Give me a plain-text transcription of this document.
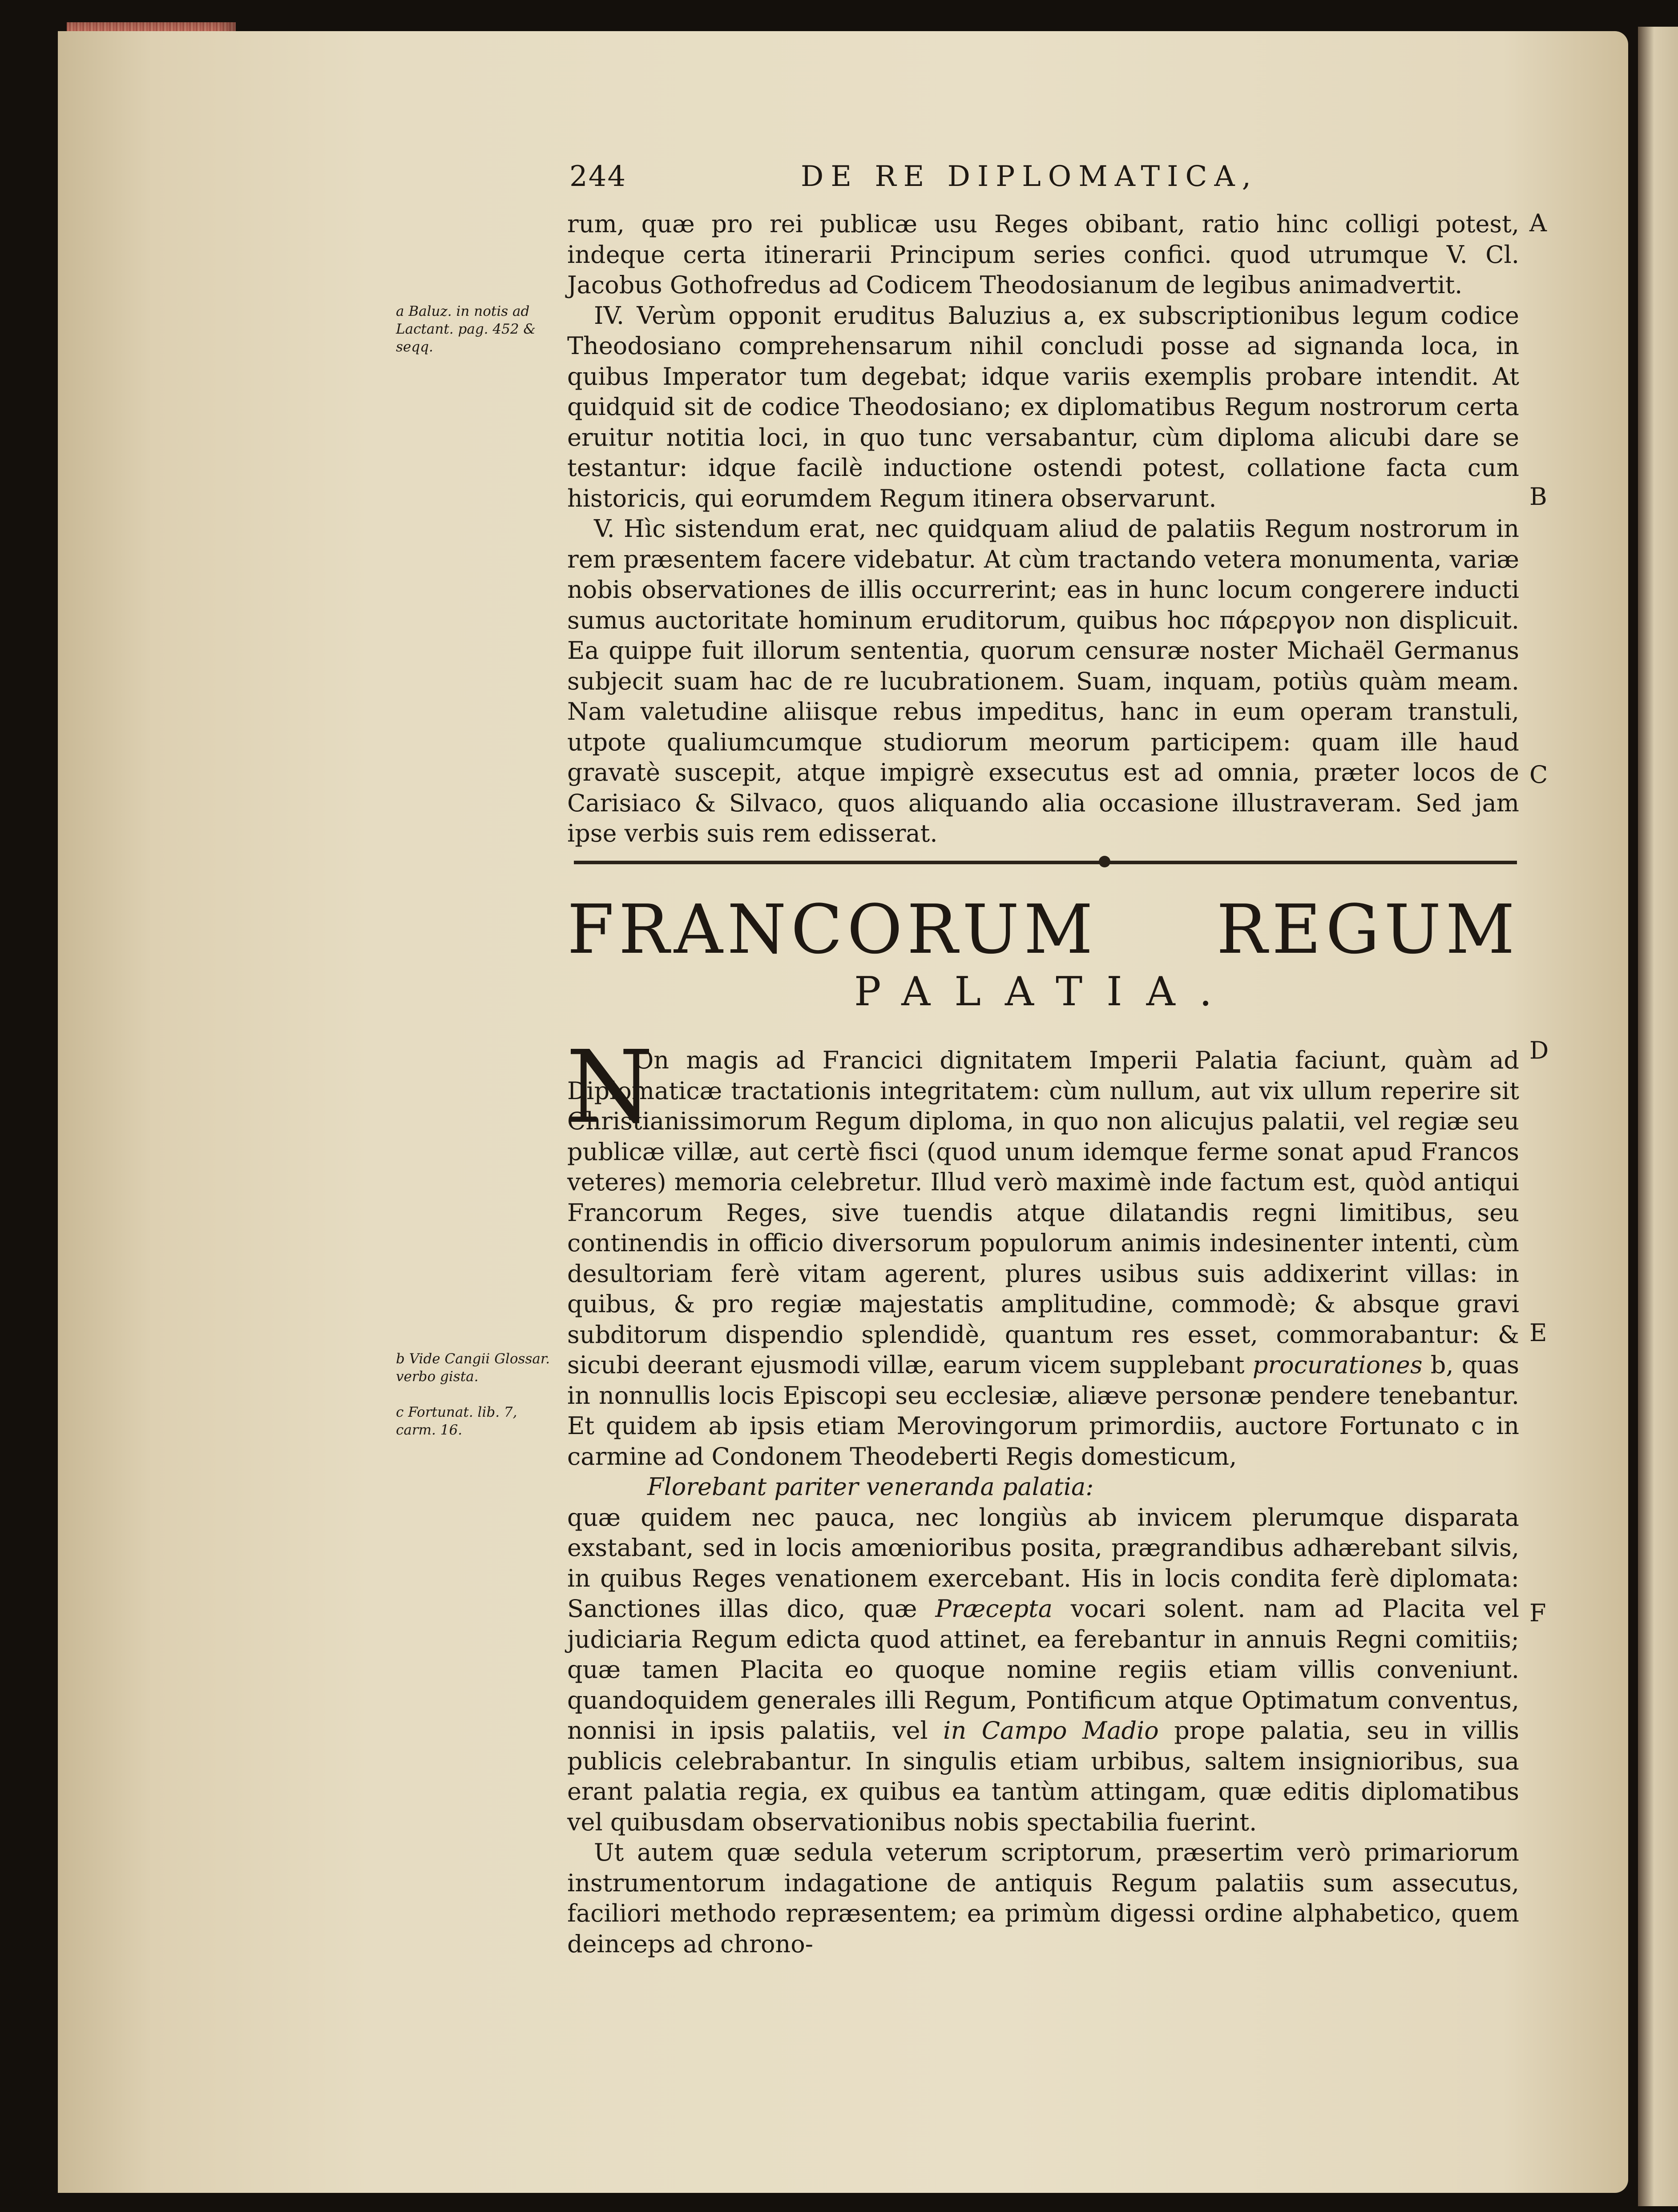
244	DE RE DIPLOMATICA,

rum, quæ pro rei publicæ usu Reges obibant, ratio hinc colligi potest, indeque certa itinerarii Principum series confici. quod utrumque V. Cl. Jacobus Gothofredus ad Codicem Theodosianum de legibus animadvertit.

IV. Verùm opponit eruditus Baluzius a, ex subscriptionibus legum codice Theodosiano comprehensarum nihil concludi posse ad signanda loca, in quibus Imperator tum degebat; idque variis exemplis probare intendit. At quidquid sit de codice Theodosiano; ex diplomatibus Regum nostrorum certa eruitur notitia loci, in quo tunc versabantur, cùm diploma alicubi dare se testantur: idque facilè inductione ostendi potest, collatione facta cum historicis, qui eorumdem Regum itinera observarunt.

V. Hìc sistendum erat, nec quidquam aliud de palatiis Regum nostrorum in rem præsentem facere videbatur. At cùm tractando vetera monumenta, variæ nobis observationes de illis occurrerint; eas in hunc locum congerere inducti sumus auctoritate hominum eruditorum, quibus hoc πάρεργον non displicuit. Ea quippe fuit illorum sententia, quorum censuræ noster Michaël Germanus subjecit suam hac de re lucubrationem. Suam, inquam, potiùs quàm meam. Nam valetudine aliisque rebus impeditus, hanc in eum operam transtuli, utpote qualiumcumque studiorum meorum participem: quam ille haud gravatè suscepit, atque impigrè exsecutus est ad omnia, præter locos de Carisiaco & Silvaco, quos aliquando alia occasione illustraveram. Sed jam ipse verbis suis rem edisserat.

a Baluz. in notis ad Lactant. pag. 452 & seqq.
b Vide Cangii Glossar. verbo gista.
c Fortunat. lib. 7, carm. 16.
A
B
C
D
E
F
FRANCORUM REGUM
PALATIA.
N

On magis ad Francici dignitatem Imperii Palatia faciunt, quàm ad Diplomaticæ tractationis integritatem: cùm nullum, aut vix ullum reperire sit Christianissimorum Regum diploma, in quo non alicujus palatii, vel regiæ seu publicæ villæ, aut certè fisci (quod unum idemque ferme sonat apud Francos veteres) memoria celebretur. Illud verò maximè inde factum est, quòd antiqui Francorum Reges, sive tuendis atque dilatandis regni limitibus, seu continendis in officio diversorum populorum animis indesinenter intenti, cùm desultoriam ferè vitam agerent, plures usibus suis addixerint villas: in quibus, & pro regiæ majestatis amplitudine, commodè; & absque gravi subditorum dispendio splendidè, quantum res esset, commorabantur: & sicubi deerant ejusmodi villæ, earum vicem supplebant procurationes b, quas in nonnullis locis Episcopi seu ecclesiæ, aliæve personæ pendere tenebantur. Et quidem ab ipsis etiam Merovingorum primordiis, auctore Fortunato c in carmine ad Condonem Theodeberti Regis domesticum,

Florebant pariter veneranda palatia:

quæ quidem nec pauca, nec longiùs ab invicem plerumque disparata exstabant, sed in locis amœnioribus posita, prægrandibus adhærebant silvis, in quibus Reges venationem exercebant. His in locis condita ferè diplomata: Sanctiones illas dico, quæ Præcepta vocari solent. nam ad Placita vel judiciaria Regum edicta quod attinet, ea ferebantur in annuis Regni comitiis; quæ tamen Placita eo quoque nomine regiis etiam villis conveniunt. quandoquidem generales illi Regum, Pontificum atque Optimatum conventus, nonnisi in ipsis palatiis, vel in Campo Madio prope palatia, seu in villis publicis celebrabantur. In singulis etiam urbibus, saltem insignioribus, sua erant palatia regia, ex quibus ea tantùm attingam, quæ editis diplomatibus vel quibusdam observationibus nobis spectabilia fuerint.

Ut autem quæ sedula veterum scriptorum, præsertim verò primariorum instrumentorum indagatione de antiquis Regum palatiis sum assecutus, faciliori methodo repræsentem; ea primùm digessi ordine alphabetico, quem deinceps ad chrono-
